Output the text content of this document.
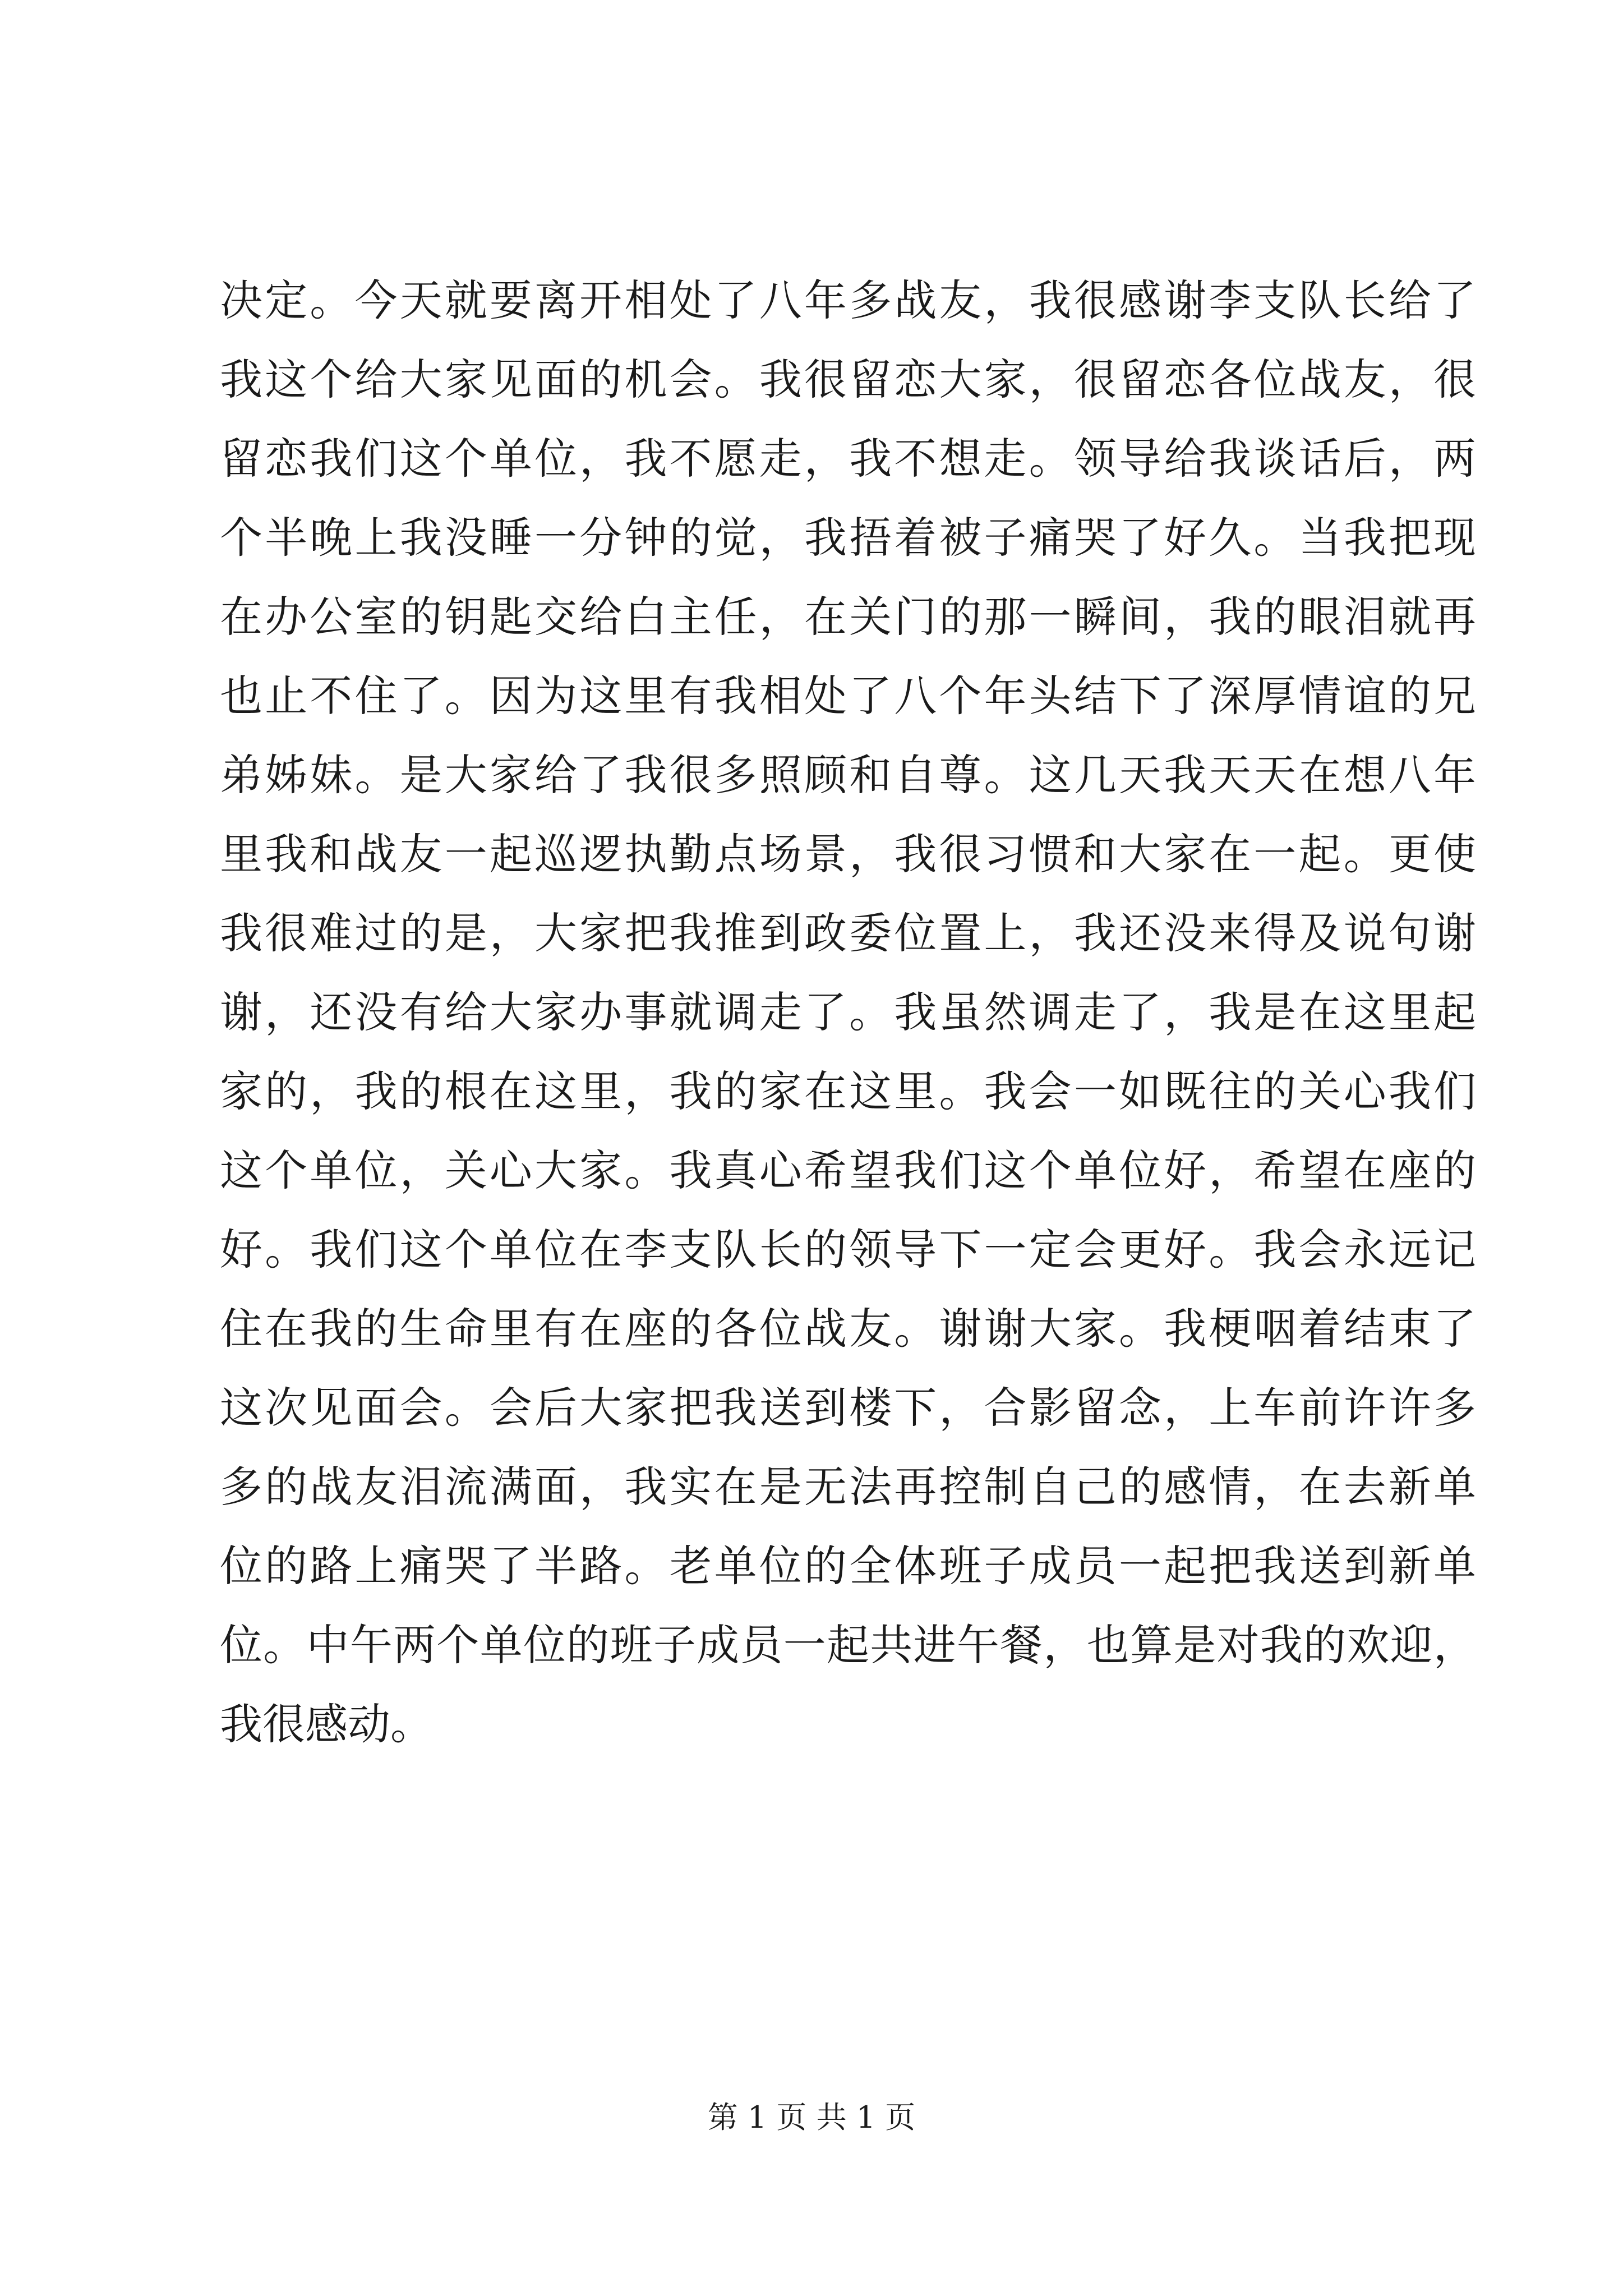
决定。今天就要离开相处了八年多战友，我很感谢李支队长给了
我这个给大家见面的机会。我很留恋大家，很留恋各位战友，很
留恋我们这个单位，我不愿走，我不想走。领导给我谈话后，两
个半晚上我没睡一分钟的觉，我捂着被子痛哭了好久。当我把现
在办公室的钥匙交给白主任，在关门的那一瞬间，我的眼泪就再
也止不住了。因为这里有我相处了八个年头结下了深厚情谊的兄
弟姊妹。是大家给了我很多照顾和自尊。这几天我天天在想八年
里我和战友一起巡逻执勤点场景，我很习惯和大家在一起。更使
我很难过的是，大家把我推到政委位置上，我还没来得及说句谢
谢，还没有给大家办事就调走了。我虽然调走了，我是在这里起
家的，我的根在这里，我的家在这里。我会一如既往的关心我们
这个单位，关心大家。我真心希望我们这个单位好，希望在座的
好。我们这个单位在李支队长的领导下一定会更好。我会永远记
住在我的生命里有在座的各位战友。谢谢大家。我梗咽着结束了
这次见面会。会后大家把我送到楼下，合影留念，上车前许许多
多的战友泪流满面，我实在是无法再控制自己的感情，在去新单
位的路上痛哭了半路。老单位的全体班子成员一起把我送到新单
位。中午两个单位的班子成员一起共进午餐，也算是对我的欢迎，
我很感动。
第 1 页 共 1 页
